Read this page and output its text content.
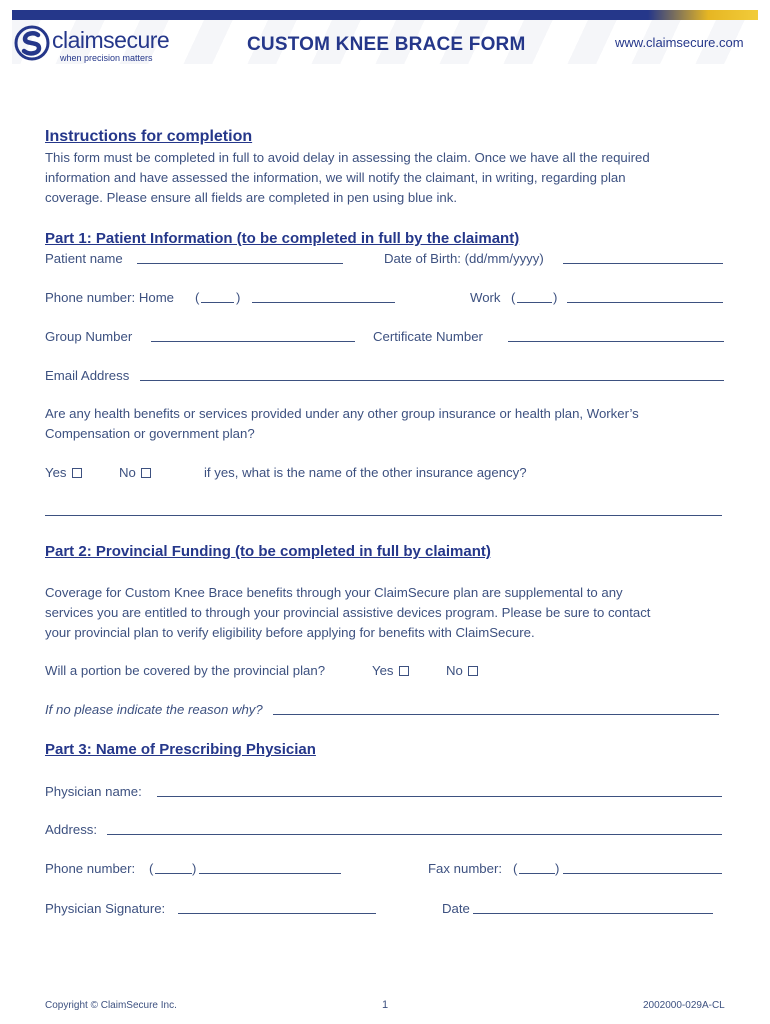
claimsecure
when precision matters
CUSTOM KNEE BRACE FORM	www.claimsecure.com
Instructions for completion
This form must be completed in full to avoid delay in assessing the claim. Once we have all the required
information and have assessed the information, we will notify the claimant, in writing, regarding plan
coverage. Please ensure all fields are completed in pen using blue ink.
Part 1: Patient Information (to be completed in full by the claimant)
Patient name	Date of Birth: (dd/mm/yyyy)
Phone number: Home (	)	Work (	)
Group Number	Certificate Number
Email Address
Are any health benefits or services provided under any other group insurance or health plan, Worker’s
Compensation or government plan?
Yes	No	if yes, what is the name of the other insurance agency?
Part 2: Provincial Funding (to be completed in full by claimant)
Coverage for Custom Knee Brace benefits through your ClaimSecure plan are supplemental to any
services you are entitled to through your provincial assistive devices program. Please be sure to contact
your provincial plan to verify eligibility before applying for benefits with ClaimSecure.
Will a portion be covered by the provincial plan?	Yes	No
If no please indicate the reason why?
Part 3: Name of Prescribing Physician
Physician name:
Address:
Phone number: (	)	Fax number: (	)
Physician Signature:	Date
Copyright © ClaimSecure Inc.	1	2002000-029A-CL
